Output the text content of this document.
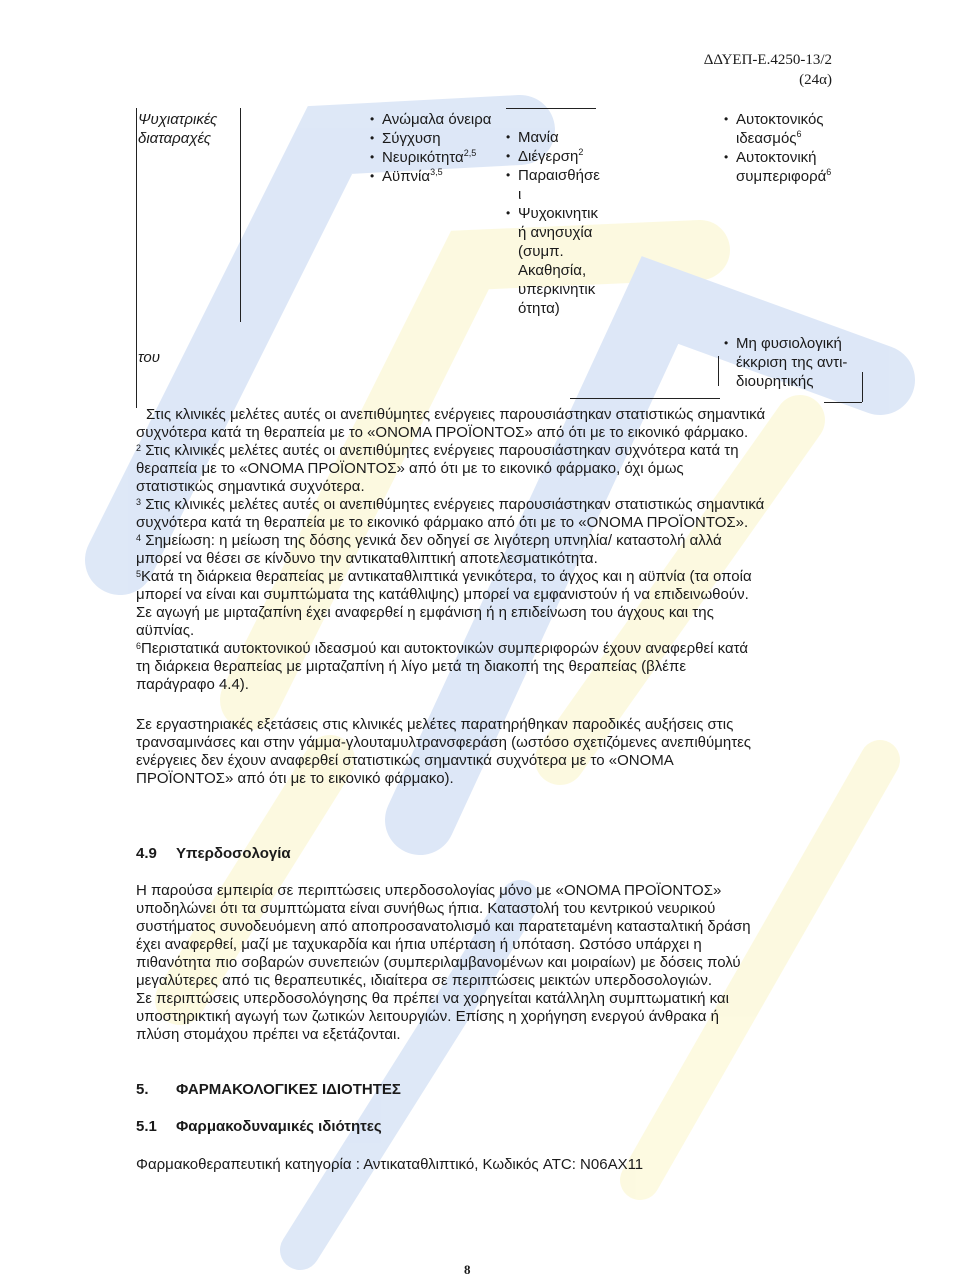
ΔΔΥΕΠ-Ε.4250-13/2
(24α)
Ψυχιατρικές
διαταραχές
• Ανώμαλα όνειρα
• Σύγχυση
• Νευρικότητα$^{2,5}$
• Αϋπνία$^{3,5}$
• Μανία
• Διέγερση$^2$
• Παραισθήσε
ι
• Ψυχοκινητικ
ή ανησυχία
(συμπ.
Ακαθησία,
υπερκινητικ
ότητα)
• Αυτοκτονικός
ιδεασμός$^6$
• Αυτοκτονική
συμπεριφορά$^6$
του
• Μη φυσιολογική
έκκριση της αντι-
διουρητικής

Στις κλινικές μελέτες αυτές οι ανεπιθύμητες ενέργειες παρουσιάστηκαν στατιστικώς σημαντικά

συχνότερα κατά τη θεραπεία με το «ΟΝΟΜΑ ΠΡΟΪΟΝΤΟΣ» από ότι με το εικονικό φάρμακο.

$^2$ Στις κλινικές μελέτες αυτές οι ανεπιθύμητες ενέργειες παρουσιάστηκαν συχνότερα κατά τη

θεραπεία με το «ΟΝΟΜΑ ΠΡΟΪΟΝΤΟΣ» από ότι με το εικονικό φάρμακο, όχι όμως

στατιστικώς σημαντικά συχνότερα.

$^3$ Στις κλινικές μελέτες αυτές οι ανεπιθύμητες ενέργειες παρουσιάστηκαν στατιστικώς σημαντικά

συχνότερα κατά τη θεραπεία με το εικονικό φάρμακο από ότι με το «ΟΝΟΜΑ ΠΡΟΪΟΝΤΟΣ».

$^4$ Σημείωση: η μείωση της δόσης γενικά δεν οδηγεί σε λιγότερη υπνηλία/ καταστολή αλλά

μπορεί να θέσει σε κίνδυνο την αντικαταθλιπτική αποτελεσματικότητα.

$^5$Κατά τη διάρκεια θεραπείας με αντικαταθλιπτικά γενικότερα, το άγχος και η αϋπνία (τα οποία

μπορεί να είναι και συμπτώματα της κατάθλιψης) μπορεί να εμφανιστούν ή να επιδεινωθούν.

Σε αγωγή με μιρταζαπίνη έχει αναφερθεί η εμφάνιση ή η επιδείνωση του άγχους και της

αϋπνίας.

$^6$Περιστατικά αυτοκτονικού ιδεασμού και αυτοκτονικών συμπεριφορών έχουν αναφερθεί κατά

τη διάρκεια θεραπείας με μιρταζαπίνη ή λίγο μετά τη διακοπή της θεραπείας (βλέπε

παράγραφο 4.4).

Σε εργαστηριακές εξετάσεις στις κλινικές μελέτες παρατηρήθηκαν παροδικές αυξήσεις στις

τρανσαμινάσες και στην γάμμα-γλουταμυλτρανσφεράση (ωστόσο σχετιζόμενες ανεπιθύμητες

ενέργειες δεν έχουν αναφερθεί στατιστικώς σημαντικά συχνότερα με το «ΟΝΟΜΑ

ΠΡΟΪΟΝΤΟΣ» από ότι με το εικονικό φάρμακο).

4.9 Υπερδοσολογία
Η παρούσα εμπειρία σε περιπτώσεις υπερδοσολογίας μόνο με «ΟΝΟΜΑ ΠΡΟΪΟΝΤΟΣ»
υποδηλώνει ότι τα συμπτώματα είναι συνήθως ήπια. Καταστολή του κεντρικού νευρικού
συστήματος συνοδευόμενη από αποπροσανατολισμό και παρατεταμένη κατασταλτική δράση
έχει αναφερθεί, μαζί με ταχυκαρδία και ήπια υπέρταση ή υπόταση. Ωστόσο υπάρχει η
πιθανότητα πιο σοβαρών συνεπειών (συμπεριλαμβανομένων και μοιραίων) με δόσεις πολύ
μεγαλύτερες από τις θεραπευτικές, ιδιαίτερα σε περιπτώσεις μεικτών υπερδοσολογιών.
Σε περιπτώσεις υπερδοσολόγησης θα πρέπει να χορηγείται κατάλληλη συμπτωματική και
υποστηρικτική αγωγή των ζωτικών λειτουργιών. Επίσης η χορήγηση ενεργού άνθρακα ή
πλύση στομάχου πρέπει να εξετάζονται.
5. ΦΑΡΜΑΚΟΛΟΓΙΚΕΣ ΙΔΙΟΤΗΤΕΣ
5.1 Φαρμακοδυναμικές ιδιότητες
Φαρμακοθεραπευτική κατηγορία : Αντικαταθλιπτικό, Κωδικός ATC: N06AX11
8
